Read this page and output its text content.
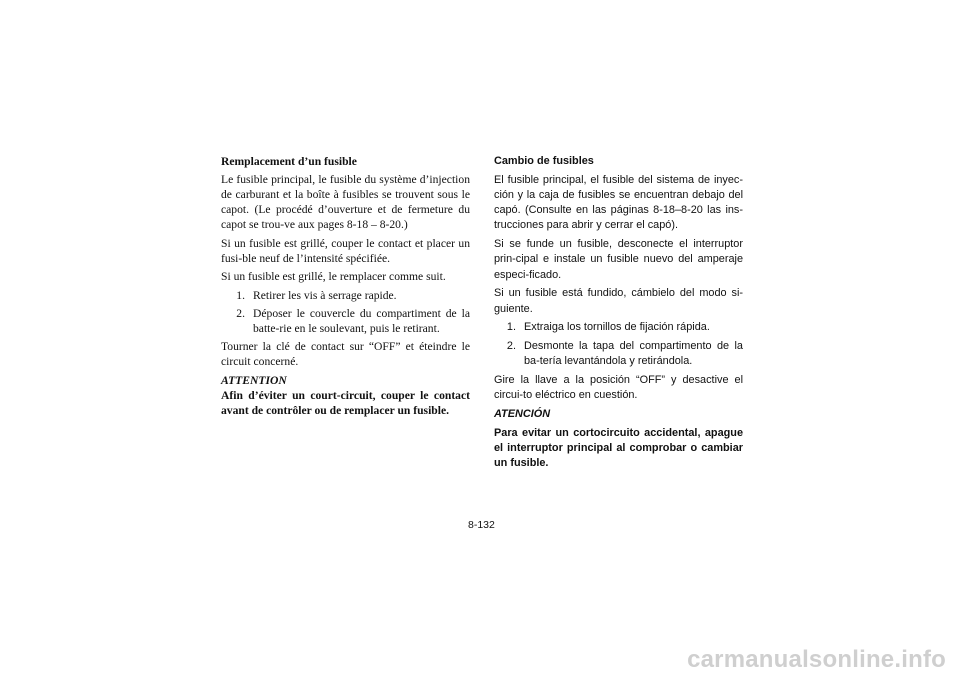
Remplacement d’un fusible

Le fusible principal, le fusible du système d’injection de carburant et la boîte à fusibles se trouvent sous le capot. (Le procédé d’ouverture et de fermeture du capot se trou-ve aux pages 8-18 – 8-20.)

Si un fusible est grillé, couper le contact et placer un fusi-ble neuf de l’intensité spécifiée.

Si un fusible est grillé, le remplacer comme suit.

1. Retirer les vis à serrage rapide.
2. Déposer le couvercle du compartiment de la batte-rie en le soulevant, puis le retirant.

Tourner la clé de contact sur “OFF” et éteindre le circuit concerné.

ATTENTION

Afin d’éviter un court-circuit, couper le contact avant de contrôler ou de remplacer un fusible.

Cambio de fusibles

El fusible principal, el fusible del sistema de inyec-ción y la caja de fusibles se encuentran debajo del capó. (Consulte en las páginas 8-18–8-20 las ins-trucciones para abrir y cerrar el capó).

Si se funde un fusible, desconecte el interruptor prin-cipal e instale un fusible nuevo del amperaje especi-ficado.

Si un fusible está fundido, cámbielo del modo si-guiente.

1. Extraiga los tornillos de fijación rápida.
2. Desmonte la tapa del compartimento de la ba-tería levantándola y retirándola.

Gire la llave a la posición “OFF” y desactive el circui-to eléctrico en cuestión.

ATENCIÓN

Para evitar un cortocircuito accidental, apague el interruptor principal al comprobar o cambiar un fusible.

8-132
carmanualsonline.info
